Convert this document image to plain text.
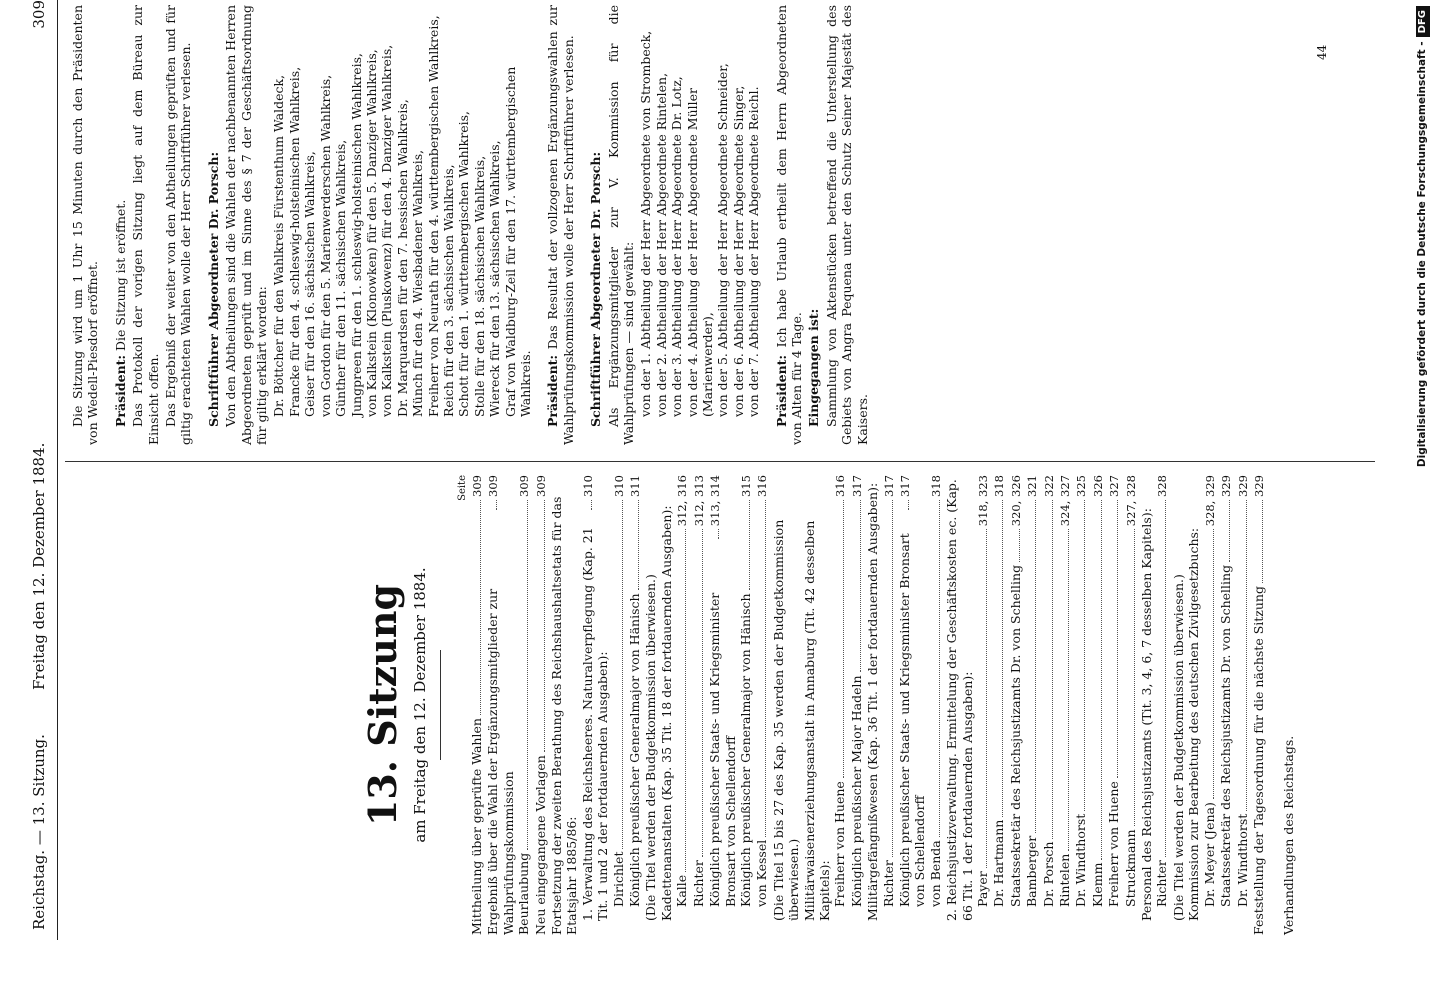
Reichstag. — 13. Sitzung.
Freitag den 12. Dezember 1884.
309
13. Sitzung am Freitag den 12. Dezember 1884.
Seite
Mittheilung über geprüfte Wahlen
309
Ergebniß über die Wahl der Ergänzungsmitglieder zur Wahlprüfungskommission
309
Beurlaubung
309
Neu eingegangene Vorlagen
309
Fortsetzung der zweiten Berathung des Reichshaushaltsetats für das Etatsjahr 1885/86: 1. Verwaltung des Reichsheeres. Naturalverpflegung (Kap. 21 Tit. 1 und 2 der fortdauernden Ausgaben):
310
Dirichlet
310
Königlich preußischer Generalmajor von Hänisch
311
(Die Titel werden der Budgetkommission überwiesen.) Kadettenanstalten (Kap. 35 Tit. 18 der fortdauernden Ausgaben): Kalle
312, 316
Richter
312, 313
Königlich preußischer Staats- und Kriegsminister Bronsart von Schellendorff
313, 314
Königlich preußischer Generalmajor von Hänisch
315
von Kessel
316
(Die Titel 15 bis 27 des Kap. 35 werden der Budgetkommission überwiesen.) Militärwaisenerziehungsanstalt in Annaburg (Tit. 42 desselben Kapitels): Freiherr von Huene
316
Königlich preußischer Major Hadeln
317 Militärgefängnißwesen (Kap. 36 Tit. 1 der fortdauernden Ausgaben): Richter
317
Königlich preußischer Staats- und Kriegsminister Bronsart von Schellendorff
317
von Benda
318 2. Reichsjustizverwaltung. Ermittelung der Geschäftskosten ec. (Kap. 66 Tit. 1 der fortdauernden Ausgaben): Payer
318, 323
Dr. Hartmann
318
Staatssekretär des Reichsjustizamts Dr. von Schelling
320, 326
Bamberger
321
Dr. Porsch
322
Rintelen
324, 327
Dr. Windthorst
325
Klemm
326
Freiherr von Huene
327
Struckmann
327, 328
Personal des Reichsjustizamts (Tit. 3, 4, 6, 7 desselben Kapitels): Richter
328
(Die Titel werden der Budgetkommission überwiesen.) Kommission zur Bearbeitung des deutschen Zivilgesetzbuchs: Dr. Meyer (Jena)
328, 329
Staatssekretär des Reichsjustizamts Dr. von Schelling
329
Dr. Windthorst
329
Feststellung der Tagesordnung für die nächste Sitzung
329
Verhandlungen des Reichstags.

Die Sitzung wird um 1 Uhr 15 Minuten durch den Präsidenten von Wedell-Piesdorf eröffnet. Präsident: Die Sitzung ist eröffnet. Das Protokoll der vorigen Sitzung liegt auf dem Büreau zur Einsicht offen. Das Ergebniß der weiter von den Abtheilungen geprüften und für giltig erachteten Wahlen wolle der Herr Schriftführer verlesen. Schriftführer Abgeordneter Dr. Porsch: Von den Abtheilungen sind die Wahlen der nachbenannten Herren Abgeordneten geprüft und im Sinne des § 7 der Geschäftsordnung für giltig erklärt worden: Dr. Böttcher für den Wahlkreis Fürstenthum Waldeck, Francke für den 4. schleswig-holsteinischen Wahlkreis, Geiser für den 16. sächsischen Wahlkreis, von Gordon für den 5. Marienwerderschen Wahlkreis, Günther für den 11. sächsischen Wahlkreis, Jungpreen für den 1. schleswig-holsteinischen Wahlkreis, von Kalkstein (Klonowken) für den 5. Danziger Wahlkreis, von Kalkstein (Pluskowenz) für den 4. Danziger Wahlkreis, Dr. Marquardsen für den 7. hessischen Wahlkreis, Münch für den 4. Wiesbadener Wahlkreis, Freiherr von Neurath für den 4. württembergischen Wahlkreis, Reich für den 3. sächsischen Wahlkreis, Schott für den 1. württembergischen Wahlkreis, Stolle für den 18. sächsischen Wahlkreis, Wiereck für den 13. sächsischen Wahlkreis, Graf von Waldburg-Zeil für den 17. württembergischen Wahlkreis. Präsident: Das Resultat der vollzogenen Ergänzungswahlen zur Wahlprüfungskommission wolle der Herr Schriftführer verlesen. Schriftführer Abgeordneter Dr. Porsch: Als Ergänzungsmitglieder zur V. Kommission für die Wahlprüfungen — sind gewählt: von der 1. Abtheilung der Herr Abgeordnete von Strombeck, von der 2. Abtheilung der Herr Abgeordnete Rintelen, von der 3. Abtheilung der Herr Abgeordnete Dr. Lotz, von der 4. Abtheilung der Herr Abgeordnete Müller (Marienwerder), von der 5. Abtheilung der Herr Abgeordnete Schneider, von der 6. Abtheilung der Herr Abgeordnete Singer, von der 7. Abtheilung der Herr Abgeordnete Reichl. Präsident: Ich habe Urlaub ertheilt dem Herrn Abgeordneten von Alten für 4 Tage. Eingegangen ist: Sammlung von Aktenstücken betreffend die Unterstellung des Gebiets von Angra Pequena unter den Schutz Seiner Majestät des Kaisers.

44	Digitalisierung gefördert durch die Deutsche Forschungsgemeinschaft -DFG
